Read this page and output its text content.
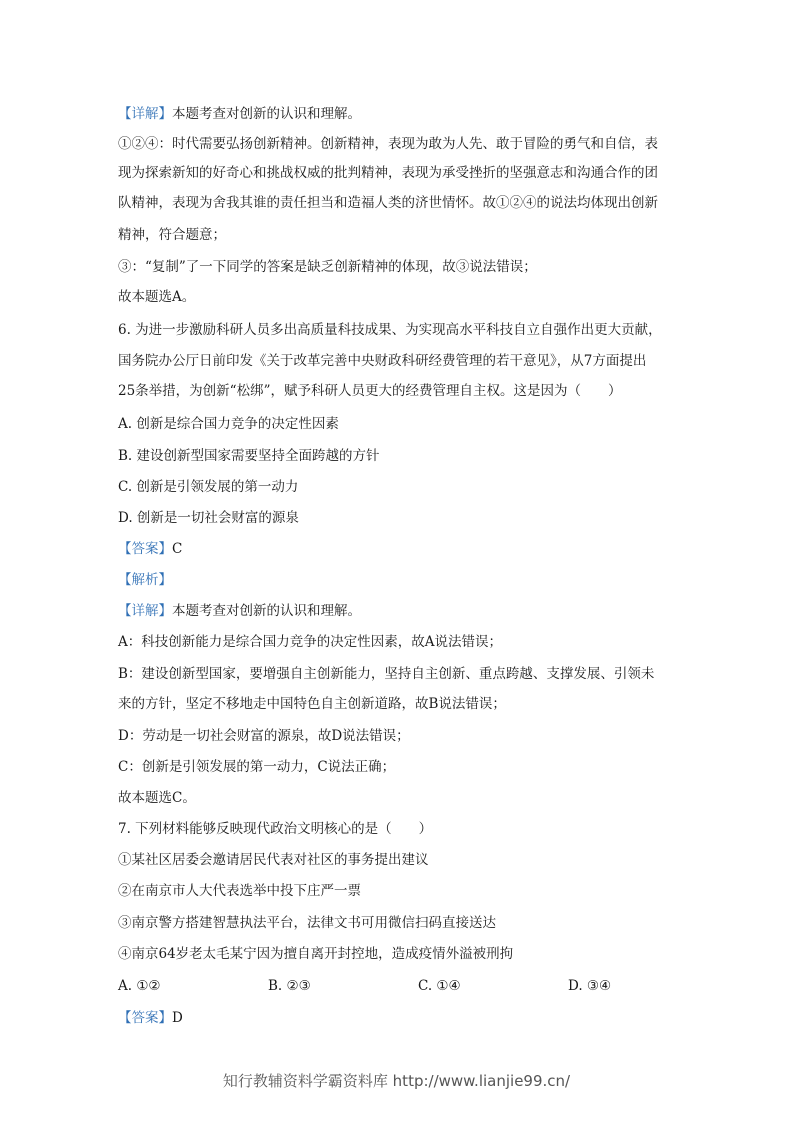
【详解】本题考查对创新的认识和理解。
①②④：时代需要弘扬创新精神。创新精神，表现为敢为人先、敢于冒险的勇气和自信，表
现为探索新知的好奇心和挑战权威的批判精神，表现为承受挫折的坚强意志和沟通合作的团
队精神，表现为舍我其谁的责任担当和造福人类的济世情怀。故①②④的说法均体现出创新
精神，符合题意；
③：“复制”了一下同学的答案是缺乏创新精神的体现，故③说法错误；
故本题选A。
6. 为进一步激励科研人员多出高质量科技成果、为实现高水平科技自立自强作出更大贡献，
国务院办公厅日前印发《关于改革完善中央财政科研经费管理的若干意见》，从7方面提出
25条举措，为创新“松绑”，赋予科研人员更大的经费管理自主权。这是因为（　　）
A. 创新是综合国力竞争的决定性因素
B. 建设创新型国家需要坚持全面跨越的方针
C. 创新是引领发展的第一动力
D. 创新是一切社会财富的源泉
【答案】C
【解析】
【详解】本题考查对创新的认识和理解。
A：科技创新能力是综合国力竞争的决定性因素，故A说法错误；
B：建设创新型国家，要增强自主创新能力，坚持自主创新、重点跨越、支撑发展、引领未
来的方针，坚定不移地走中国特色自主创新道路，故B说法错误；
D：劳动是一切社会财富的源泉，故D说法错误；
C：创新是引领发展的第一动力，C说法正确；
故本题选C。
7. 下列材料能够反映现代政治文明核心的是（　　）
①某社区居委会邀请居民代表对社区的事务提出建议
②在南京市人大代表选举中投下庄严一票
③南京警方搭建智慧执法平台，法律文书可用微信扫码直接送达
④南京64岁老太毛某宁因为擅自离开封控地，造成疫情外溢被刑拘
A. ①②	B. ②③	C. ①④	D. ③④
【答案】D
知行教辅资料学霸资料库 http://www.lianjie99.cn/
